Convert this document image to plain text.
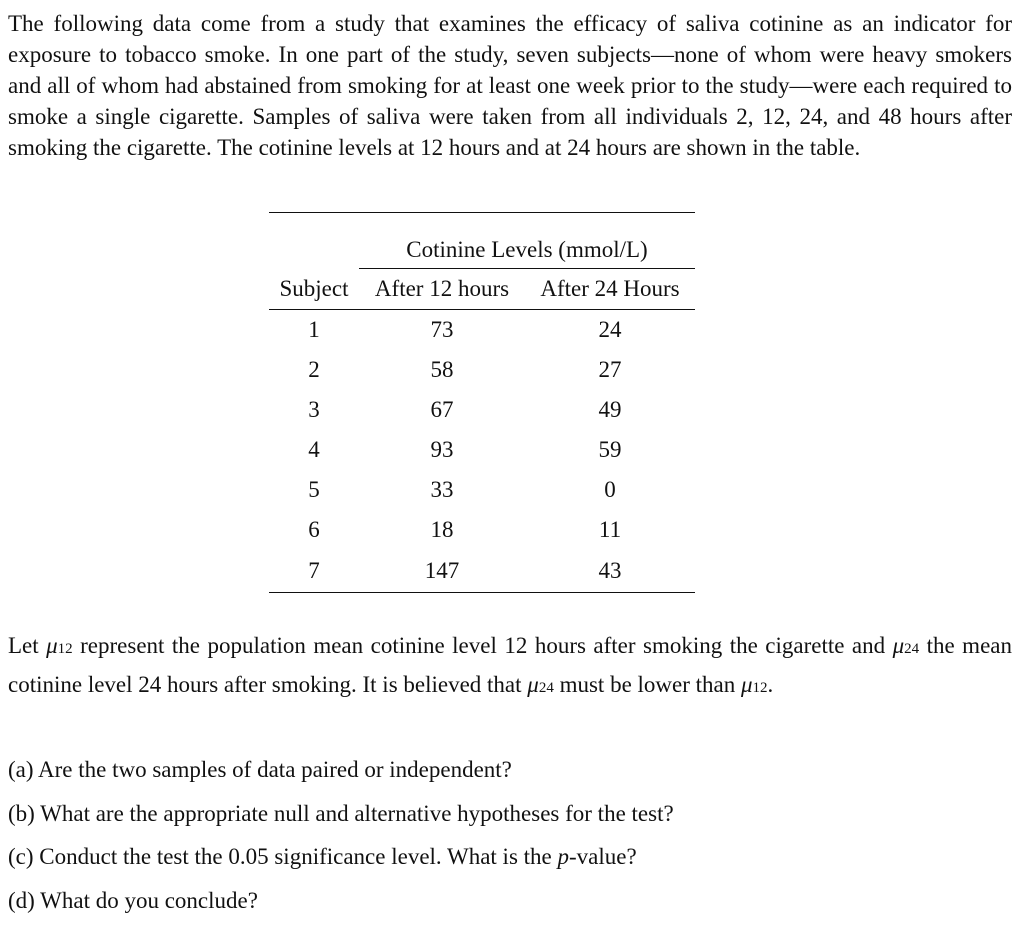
The following data come from a study that examines the efficacy of saliva cotinine as an indicator for exposure to tobacco smoke. In one part of the study, seven subjects—none of whom were heavy smokers and all of whom had abstained from smoking for at least one week prior to the study—were each required to smoke a single cigarette. Samples of saliva were taken from all individuals 2, 12, 24, and 48 hours after smoking the cigarette. The cotinine levels at 12 hours and at 24 hours are shown in the table.

	Cotinine Levels (mmol/L)	

Subject	After 12 hours	After 24 Hours
1	73	24
2	58	27
3	67	49
4	93	59
5	33	0
6	18	11
7	147	43

Let μ12 represent the population mean cotinine level 12 hours after smoking the cigarette and μ24 the mean cotinine level 24 hours after smoking. It is believed that μ24 must be lower than μ12.

(a) Are the two samples of data paired or independent?
(b) What are the appropriate null and alternative hypotheses for the test?
(c) Conduct the test the 0.05 significance level. What is the p-value?
(d) What do you conclude?
